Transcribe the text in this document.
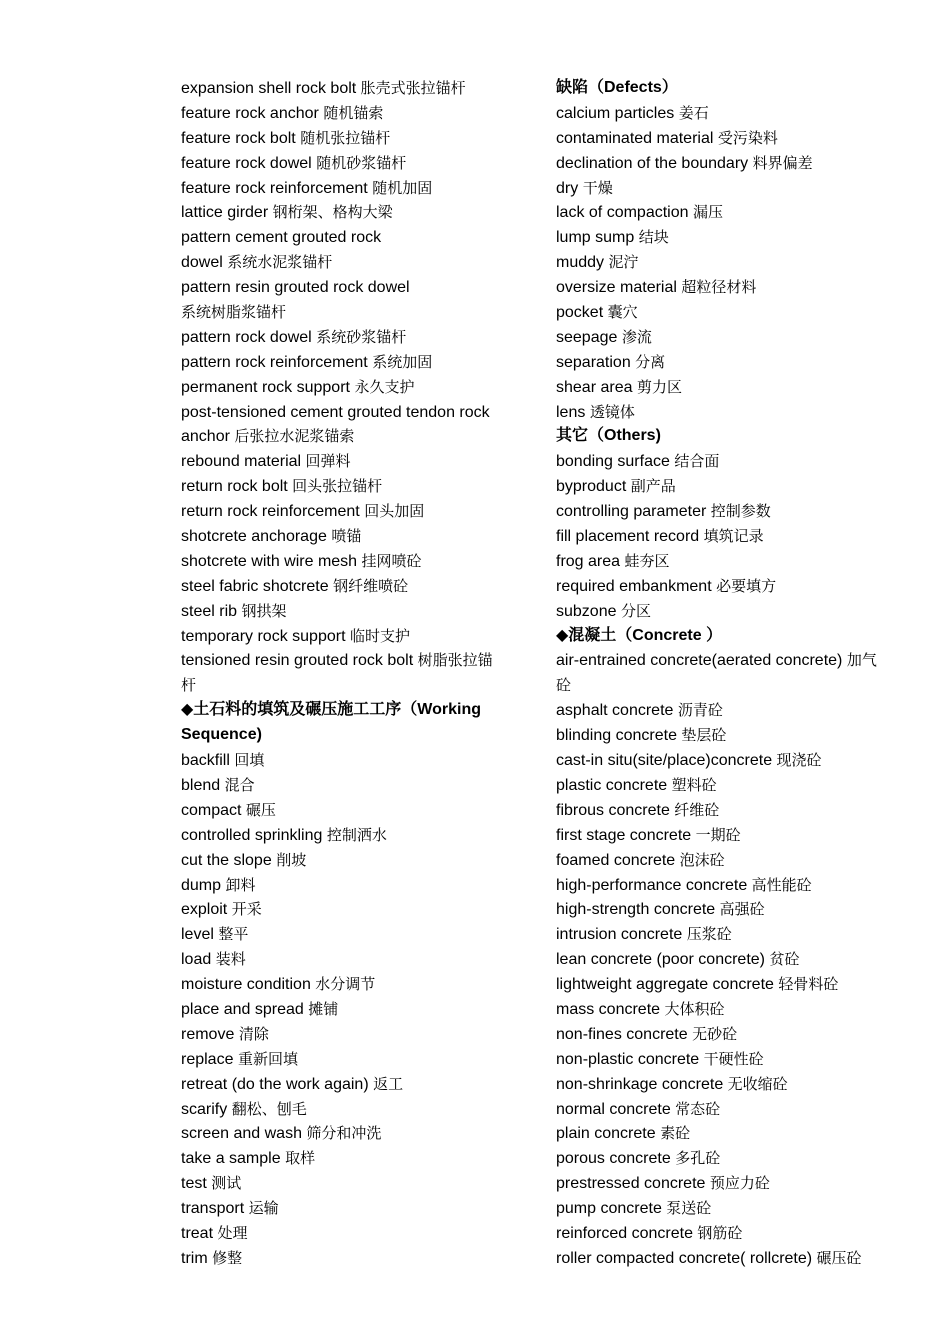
expansion shell rock bolt 胀壳式张拉锚杆
feature rock anchor 随机锚索
feature rock bolt 随机张拉锚杆
feature rock dowel 随机砂浆锚杆
feature rock reinforcement 随机加固
lattice girder 钢桁架、格构大梁
pattern cement grouted rock
dowel 系统水泥浆锚杆
pattern resin grouted rock dowel
系统树脂浆锚杆
pattern rock dowel 系统砂浆锚杆
pattern rock reinforcement 系统加固
permanent rock support 永久支护
post-tensioned cement grouted tendon rock
anchor 后张拉水泥浆锚索
rebound material 回弹料
return rock bolt 回头张拉锚杆
return rock reinforcement 回头加固
shotcrete anchorage 喷锚
shotcrete with wire mesh 挂网喷砼
steel fabric shotcrete 钢纤维喷砼
steel rib 钢拱架
temporary rock support 临时支护
tensioned resin grouted rock bolt 树脂张拉锚
杆
◆土石料的填筑及碾压施工工序（Working
Sequence)
backfill 回填
blend 混合
compact 碾压
controlled sprinkling 控制洒水
cut the slope 削坡
dump 卸料
exploit 开采
level 整平
load 装料
moisture condition 水分调节
place and spread 摊铺
remove 清除
replace 重新回填
retreat (do the work again) 返工
scarify 翻松、刨毛
screen and wash 筛分和冲洗
take a sample 取样
test 测试
transport 运输
treat 处理
trim 修整
缺陷（Defects）
calcium particles 姜石
contaminated material 受污染料
declination of the boundary 料界偏差
dry 干燥
lack of compaction 漏压
lump sump 结块
muddy 泥泞
oversize material 超粒径材料
pocket 囊穴
seepage 渗流
separation 分离
shear area 剪力区
lens 透镜体
其它（Others)
bonding surface 结合面
byproduct 副产品
controlling parameter 控制参数
fill placement record 填筑记录
frog area 蛙夯区
required embankment 必要填方
subzone 分区
◆混凝土（Concrete ）
air-entrained concrete(aerated concrete) 加气
砼
asphalt concrete 沥青砼
blinding concrete 垫层砼
cast-in situ(site/place)concrete 现浇砼
plastic concrete 塑料砼
fibrous concrete 纤维砼
first stage concrete 一期砼
foamed concrete 泡沫砼
high-performance concrete 高性能砼
high-strength concrete 高强砼
intrusion concrete 压浆砼
lean concrete (poor concrete) 贫砼
lightweight aggregate concrete 轻骨料砼
mass concrete 大体积砼
non-fines concrete 无砂砼
non-plastic concrete 干硬性砼
non-shrinkage concrete 无收缩砼
normal concrete 常态砼
plain concrete 素砼
porous concrete 多孔砼
prestressed concrete 预应力砼
pump concrete 泵送砼
reinforced concrete 钢筋砼
roller compacted concrete( rollcrete) 碾压砼
